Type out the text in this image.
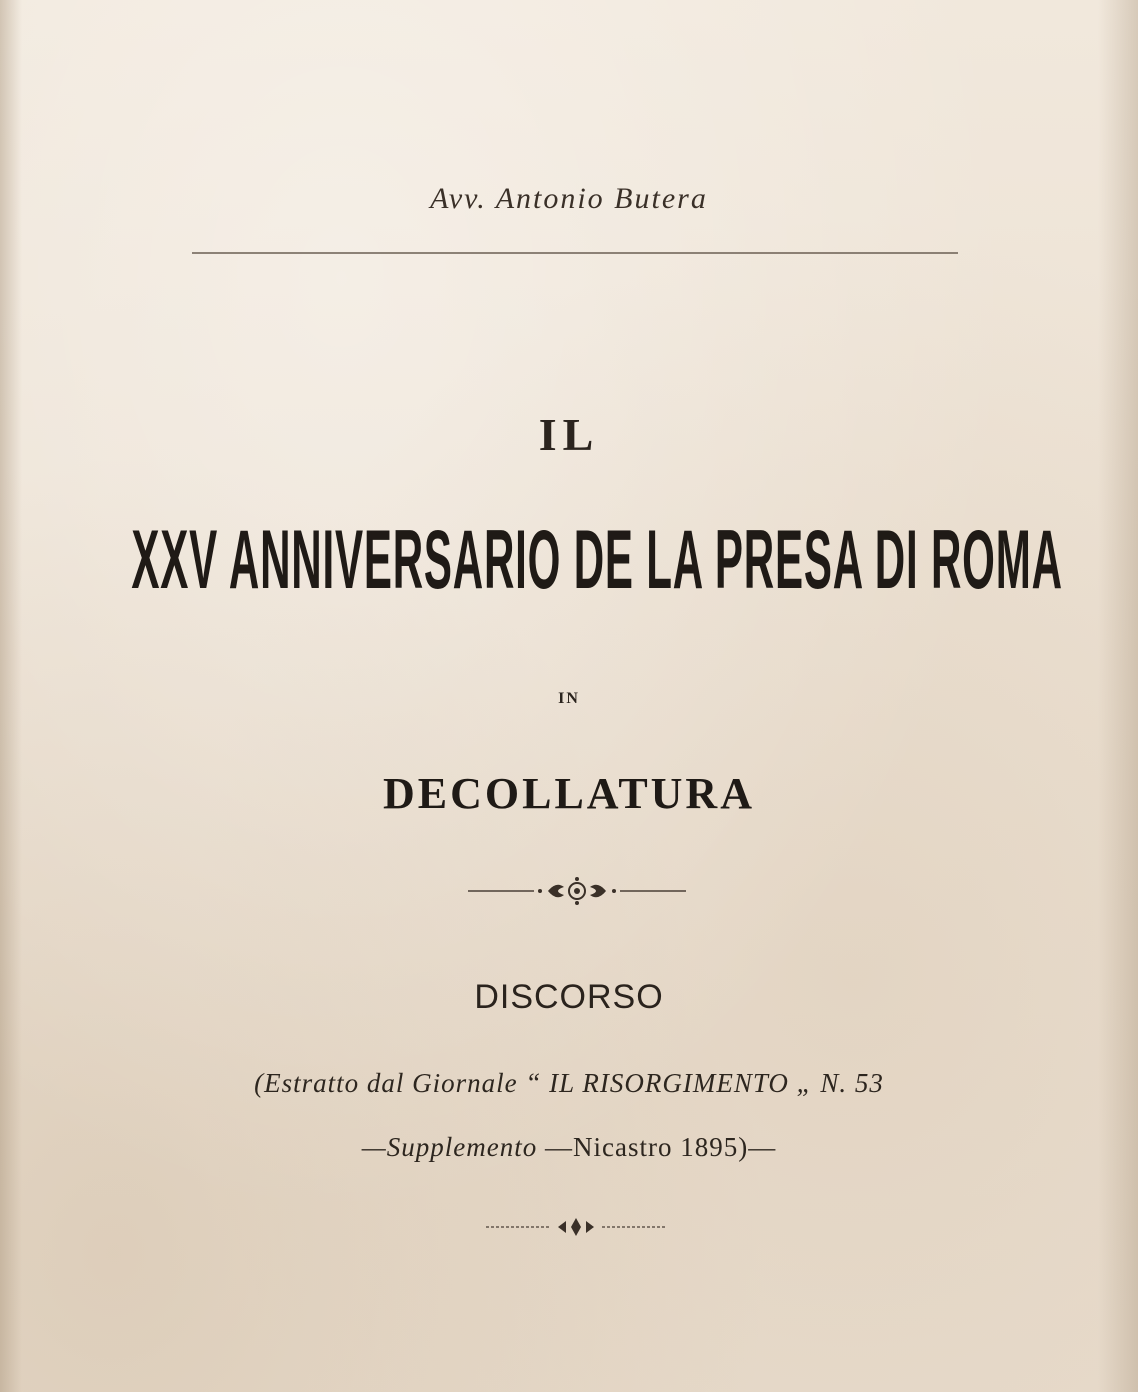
Avv. Antonio Butera
IL
XXV ANNIVERSARIO DE LA PRESA DI ROMA
IN
DECOLLATURA
DISCORSO
(Estratto dal Giornale “ IL RISORGIMENTO „ N. 53
—Supplemento —Nicastro 1895)—
